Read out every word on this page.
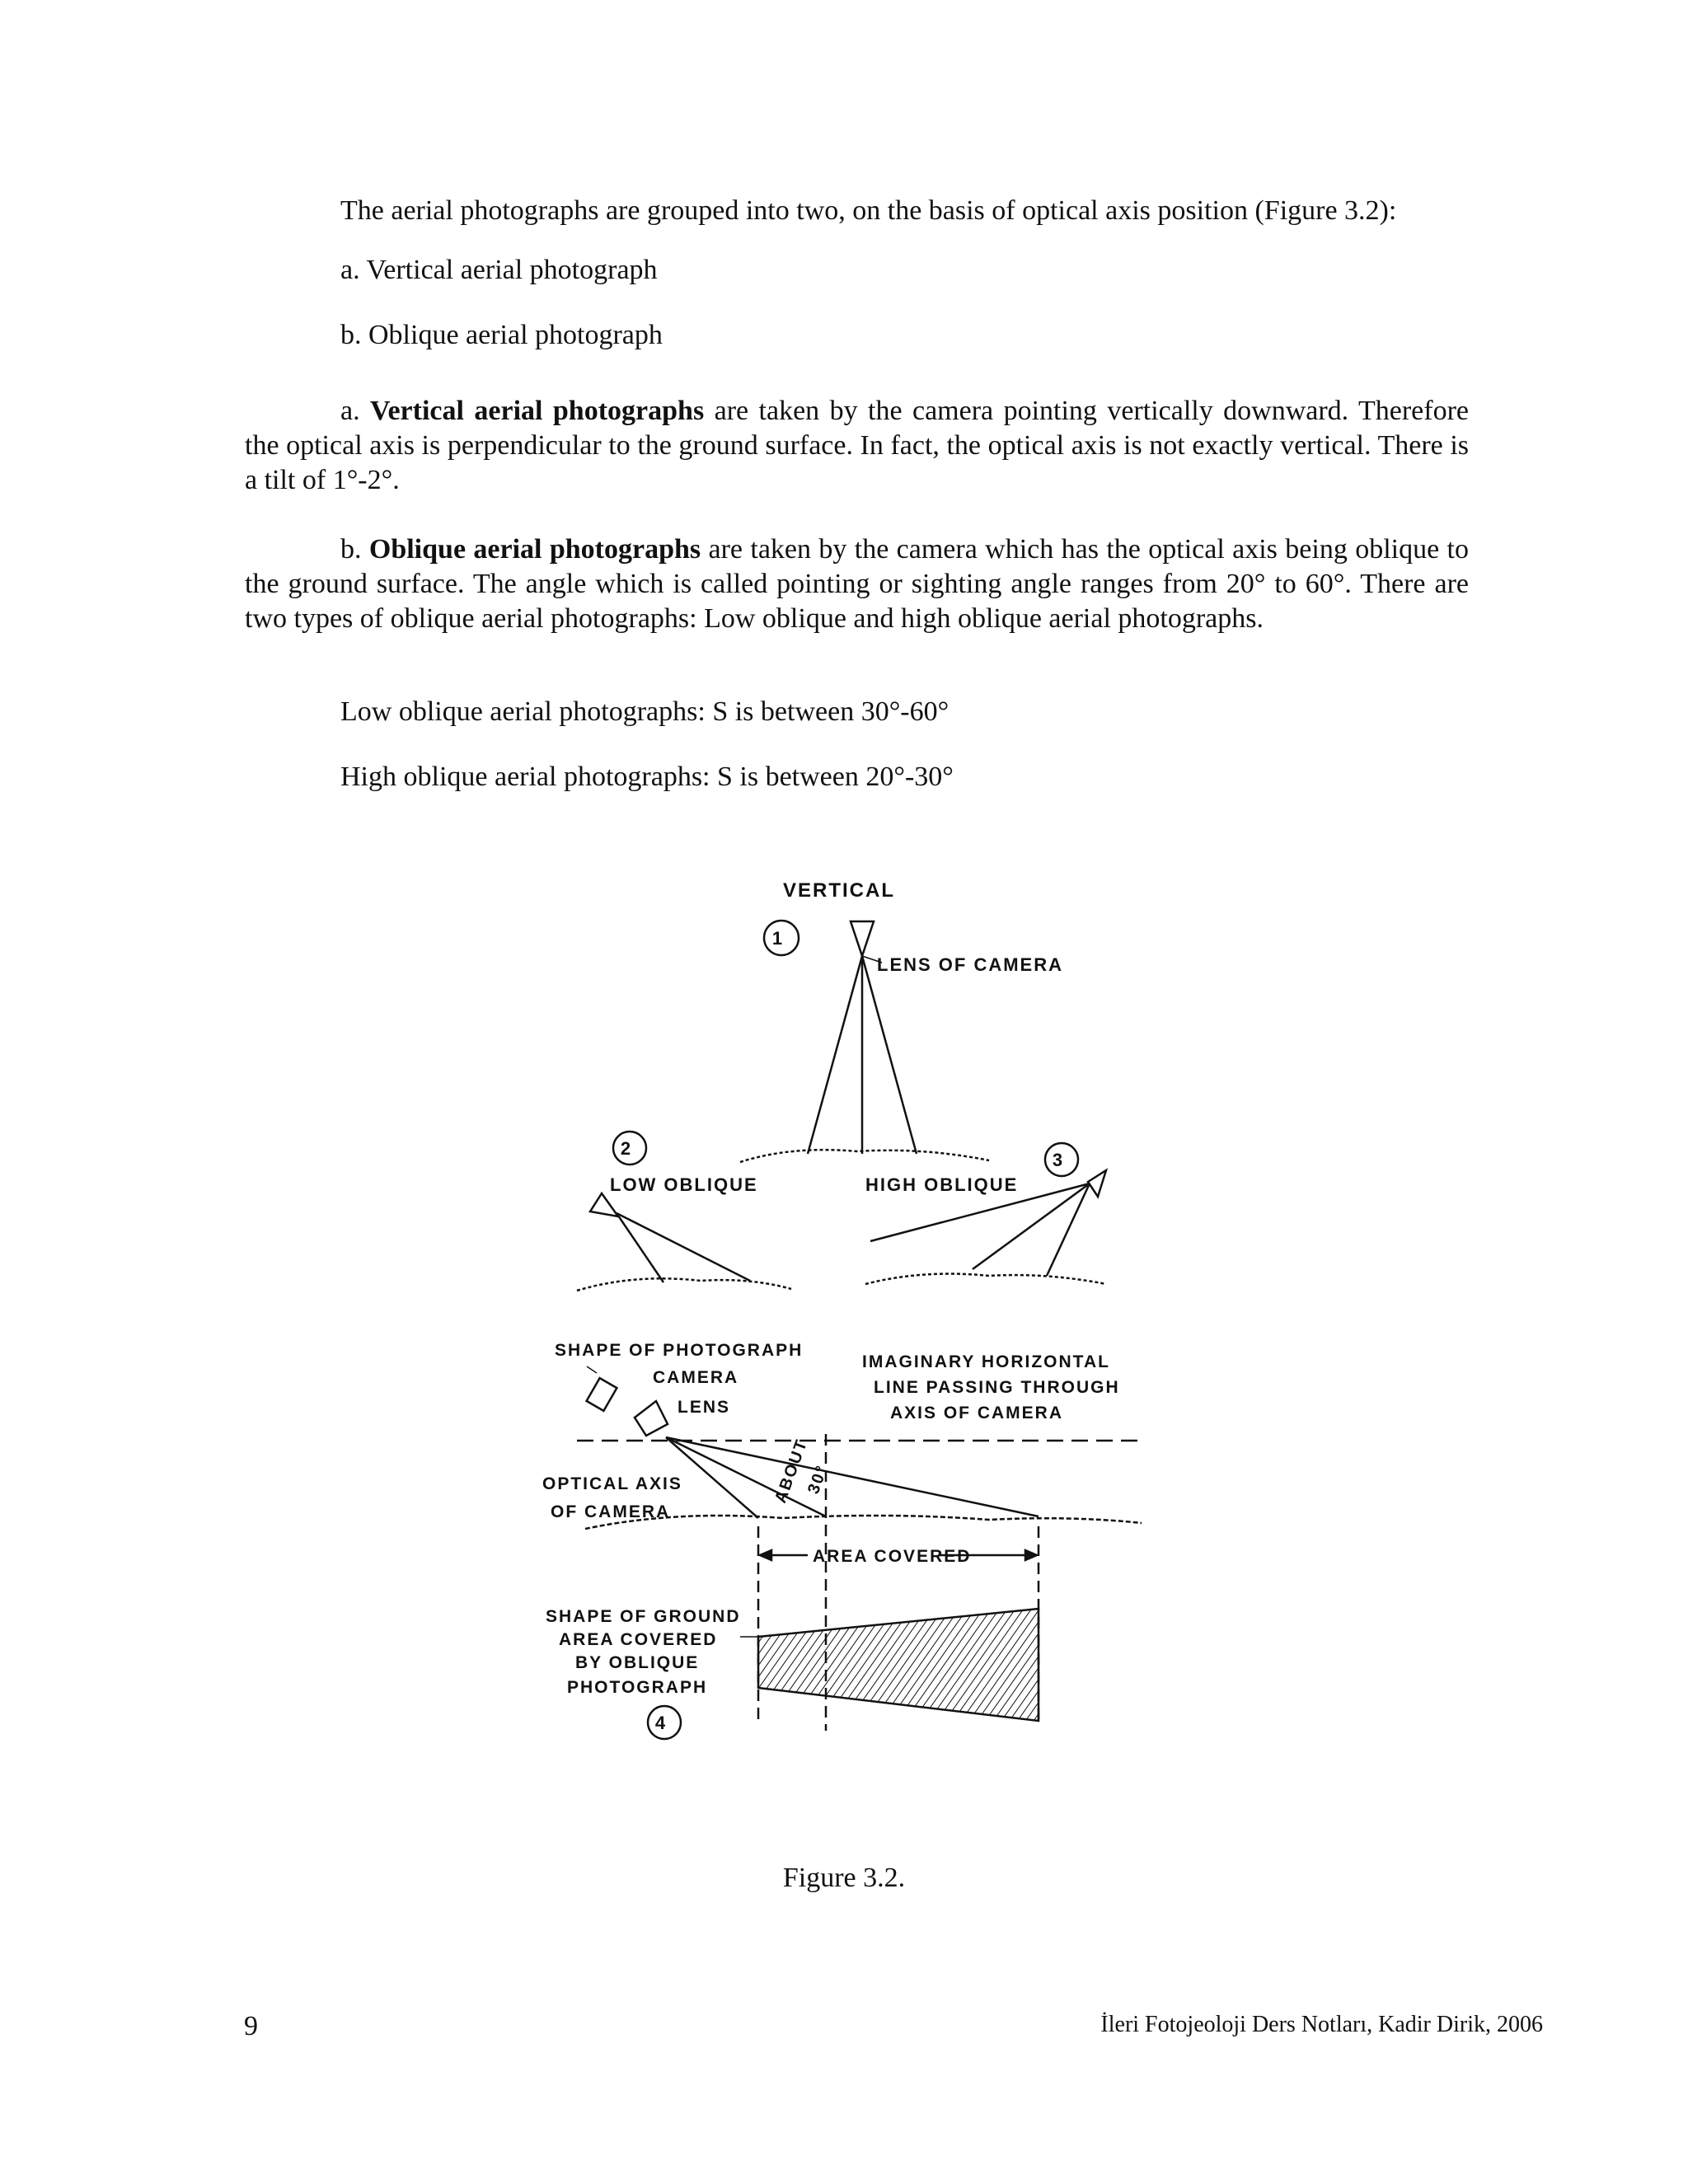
The aerial photographs are grouped into two, on the basis of optical axis position (Figure 3.2):

a. Vertical aerial photograph

b. Oblique aerial photograph

a. Vertical aerial photographs are taken by the camera pointing vertically downward. Therefore the optical axis is perpendicular to the ground surface. In fact, the optical axis is not exactly vertical. There is a tilt of 1°-2°.

b. Oblique aerial photographs are taken by the camera which has the optical axis being oblique to the ground surface. The angle which is called pointing or sighting angle ranges from 20° to 60°. There are two types of oblique aerial photographs: Low oblique and high oblique aerial photographs.

Low oblique aerial photographs: S is between 30°-60°

High oblique aerial photographs: S is between 20°-30°

VERTICAL
1
LENS OF CAMERA
2
3
LOW OBLIQUE	HIGH OBLIQUE
SHAPE OF PHOTOGRAPH
CAMERA
LENS
IMAGINARY HORIZONTAL
LINE PASSING THROUGH
AXIS OF CAMERA
OPTICAL AXIS
OF CAMERA
ABOUT
30°
AREA COVERED
SHAPE OF GROUND
AREA COVERED
BY OBLIQUE
PHOTOGRAPH
4
Figure 3.2.
9	İleri Fotojeoloji Ders Notları, Kadir Dirik, 2006
